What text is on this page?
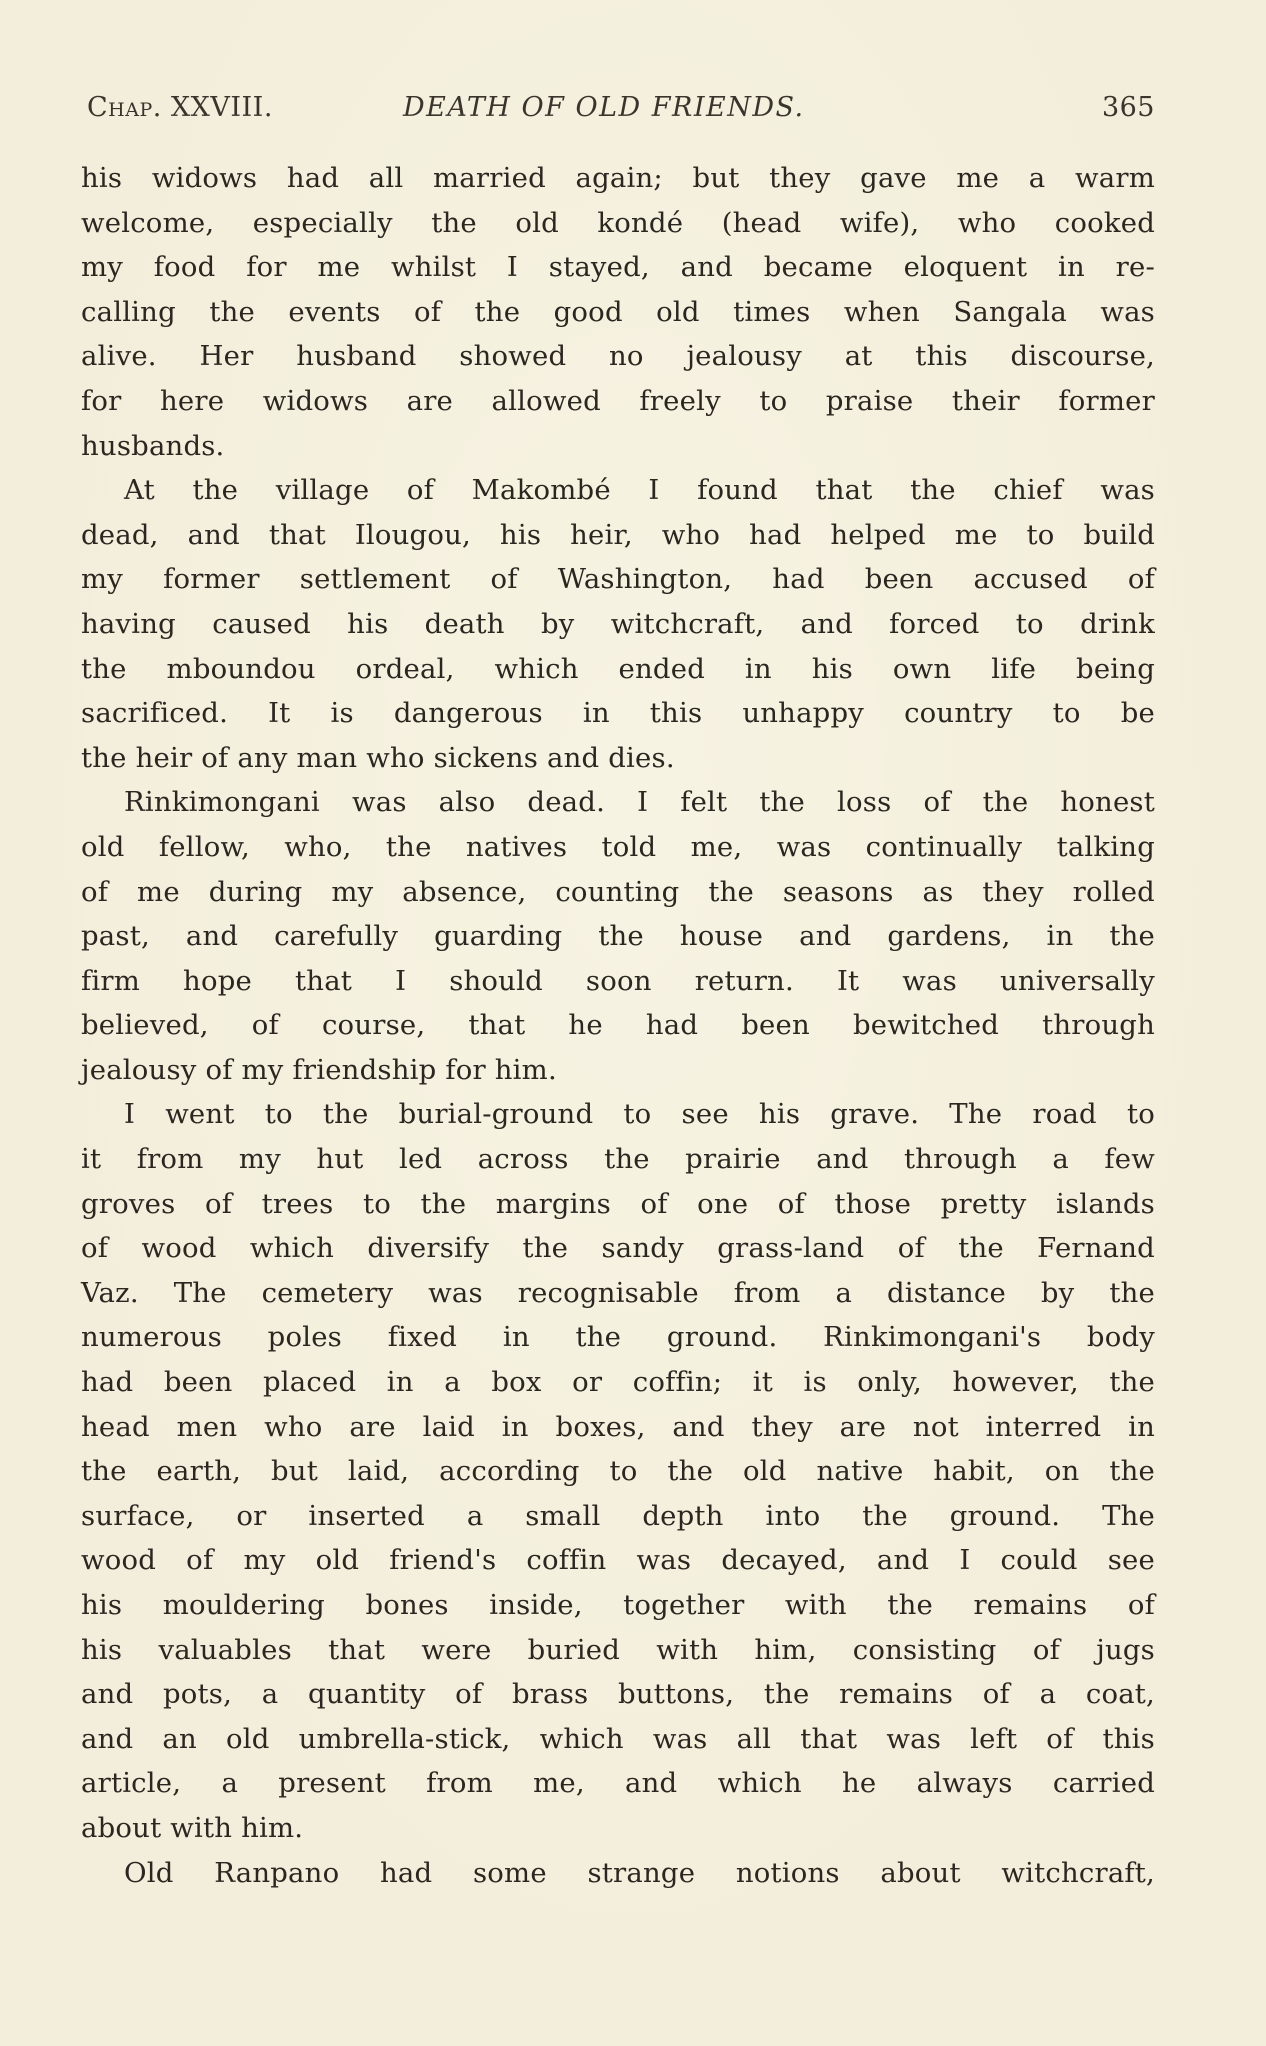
Chap. XXVIII.	DEATH OF OLD FRIENDS.	365
his widows had all married again; but they gave me a warm
welcome, especially the old kondé (head wife), who cooked
my food for me whilst I stayed, and became eloquent in re-
calling the events of the good old times when Sangala was
alive. Her husband showed no jealousy at this discourse,
for here widows are allowed freely to praise their former
husbands.
At the village of Makombé I found that the chief was
dead, and that Ilougou, his heir, who had helped me to build
my former settlement of Washington, had been accused of
having caused his death by witchcraft, and forced to drink
the mboundou ordeal, which ended in his own life being
sacrificed. It is dangerous in this unhappy country to be
the heir of any man who sickens and dies.
Rinkimongani was also dead. I felt the loss of the honest
old fellow, who, the natives told me, was continually talking
of me during my absence, counting the seasons as they rolled
past, and carefully guarding the house and gardens, in the
firm hope that I should soon return. It was universally
believed, of course, that he had been bewitched through
jealousy of my friendship for him.
I went to the burial-ground to see his grave. The road to
it from my hut led across the prairie and through a few
groves of trees to the margins of one of those pretty islands
of wood which diversify the sandy grass-land of the Fernand
Vaz. The cemetery was recognisable from a distance by the
numerous poles fixed in the ground. Rinkimongani's body
had been placed in a box or coffin; it is only, however, the
head men who are laid in boxes, and they are not interred in
the earth, but laid, according to the old native habit, on the
surface, or inserted a small depth into the ground. The
wood of my old friend's coffin was decayed, and I could see
his mouldering bones inside, together with the remains of
his valuables that were buried with him, consisting of jugs
and pots, a quantity of brass buttons, the remains of a coat,
and an old umbrella-stick, which was all that was left of this
article, a present from me, and which he always carried
about with him.
Old Ranpano had some strange notions about witchcraft,
